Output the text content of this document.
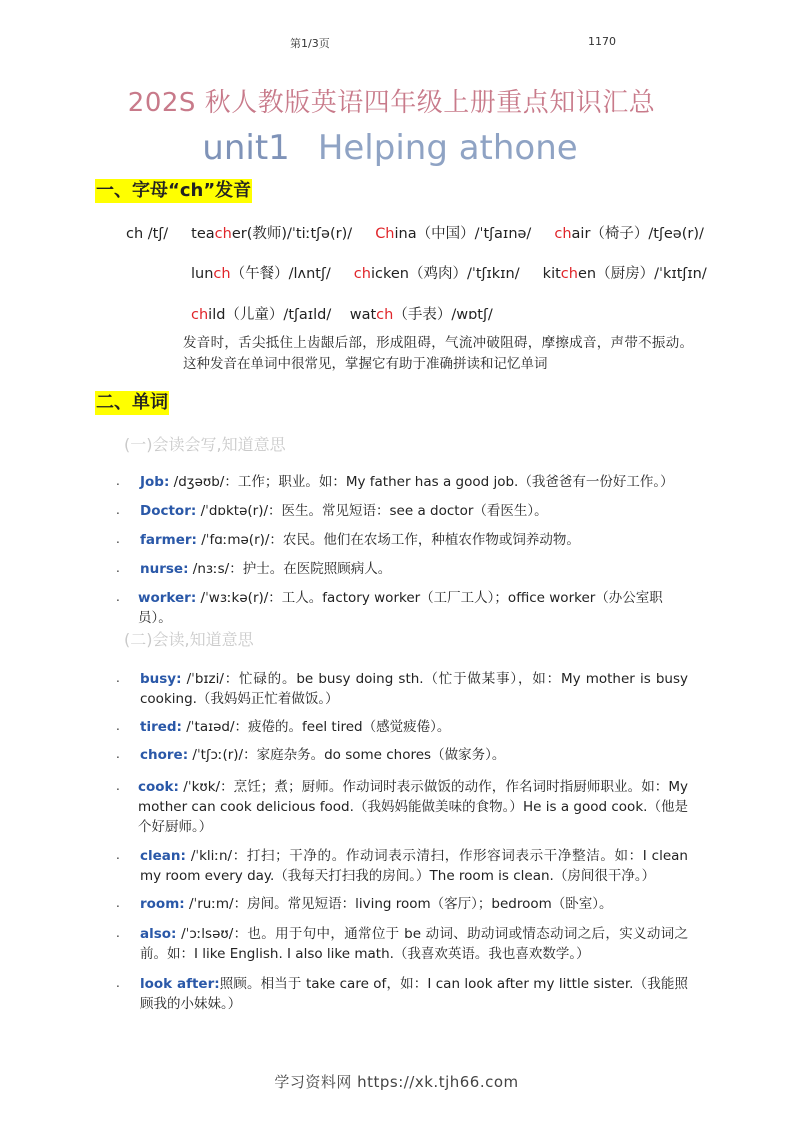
第1/3页	1170
202S 秋人教版英语四年级上册重点知识汇总
unit1 Helping athone
一、字母“ch”发音
ch /tʃ/ teacher(教师)/ˈtiːtʃə(r)/ China（中国）/ˈtʃaɪnə/ chair（椅子）/tʃeə(r)/
lunch（午餐）/lʌntʃ/ chicken（鸡肉）/ˈtʃɪkɪn/ kitchen（厨房）/ˈkɪtʃɪn/
child（儿童）/tʃaɪld/ watch（手表）/wɒtʃ/
发音时，舌尖抵住上齿龈后部，形成阻碍，气流冲破阻碍，摩擦成音，声带不振动。这种发音在单词中很常见，掌握它有助于准确拼读和记忆单词
二、单词
(一)会读会写,知道意思
. Job: /dʒəʊb/：工作；职业。如：My father has a good job.（我爸爸有一份好工作。）
. Doctor: /ˈdɒktə(r)/：医生。常见短语：see a doctor（看医生）。
. farmer: /ˈfɑːmə(r)/：农民。他们在农场工作，种植农作物或饲养动物。
. nurse: /nɜːs/：护士。在医院照顾病人。
. worker: /ˈwɜːkə(r)/：工人。factory worker（工厂工人）；office worker（办公室职员）。
(二)会读,知道意思
. busy: /ˈbɪzi/：忙碌的。be busy doing sth.（忙于做某事），如：My mother is busy cooking.（我妈妈正忙着做饭。）
. tired: /ˈtaɪəd/：疲倦的。feel tired（感觉疲倦）。
. chore: /ˈtʃɔː(r)/：家庭杂务。do some chores（做家务）。
. cook: /ˈkʊk/：烹饪；煮；厨师。作动词时表示做饭的动作，作名词时指厨师职业。如：My mother can cook delicious food.（我妈妈能做美味的食物。）He is a good cook.（他是个好厨师。）
. clean: /ˈkliːn/：打扫；干净的。作动词表示清扫，作形容词表示干净整洁。如：I clean my room every day.（我每天打扫我的房间。）The room is clean.（房间很干净。）
. room: /ˈruːm/：房间。常见短语：living room（客厅）；bedroom（卧室）。
. also: /ˈɔːlsəʊ/：也。用于句中，通常位于 be 动词、助动词或情态动词之后，实义动词之前。如：I like English. I also like math.（我喜欢英语。我也喜欢数学。）
. look after:照顾。相当于 take care of，如：I can look after my little sister.（我能照顾我的小妹妹。）
学习资料网 https://xk.tjh66.com
